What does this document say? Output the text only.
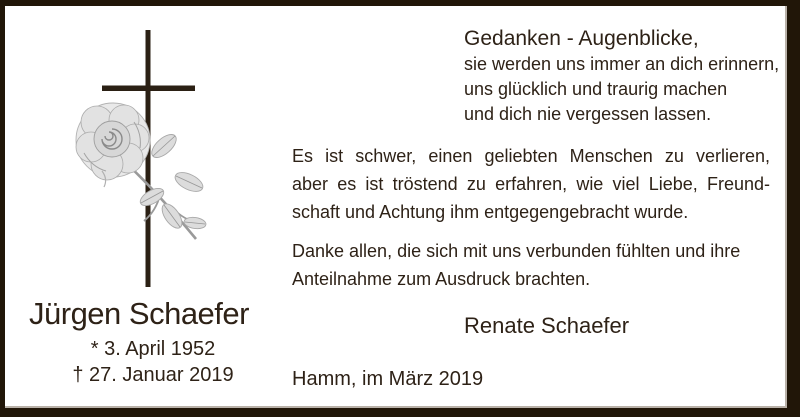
Gedanken - Augenblicke,
sie werden uns immer an dich erinnern,
uns glücklich und traurig machen
und dich nie vergessen lassen.
Es ist schwer, einen geliebten Menschen zu verlieren,
aber es ist tröstend zu erfahren, wie viel Liebe, Freund-
schaft und Achtung ihm entgegengebracht wurde.
Danke allen, die sich mit uns verbunden fühlten und ihre
Anteilnahme zum Ausdruck brachten.
Renate Schaefer
Hamm, im März 2019
Jürgen Schaefer
* 3. April 1952
† 27. Januar 2019
